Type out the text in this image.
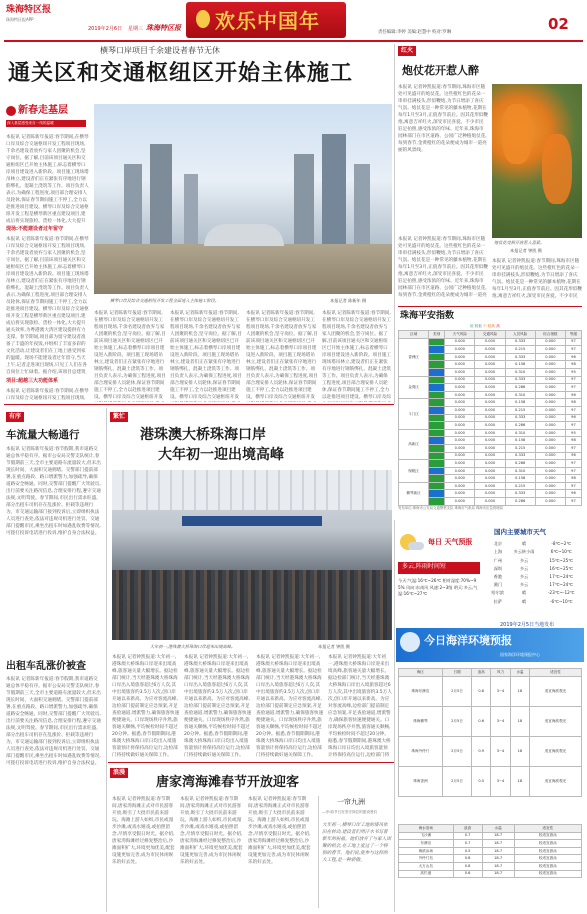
珠海特区报
珠海特区报APP
2019年2月6日 星期三 珠海特区报 欢乐中国年	02
责任编辑:李婷 美编:赵慧中 校对:罗琳
横琴口岸项目千余建设者春节无休
通关区和交通枢纽区开始主体施工
新春走基层
深入基层感受来自一线的温暖
本报讯 记者陈新年报道:春节期间,在横琴口岸及综合交通枢纽开发工程项目现场,千余名建设者放弃与家人团聚的机会,坚守岗位。据了解,目前该项目通关区和交通枢纽区已开始主体施工,标志着横琴口岸项目建设进入新阶段。项目施工现场塔吊林立,建设者们正在紧张有序地进行钢筋绑扎、混凝土浇筑等工作。项目负责人表示,为确保工程进度,项目部合理安排人员轮休,保证春节期间施工不停工,全力以赴推进项目建设。横琴口岸及综合交通枢纽开发工程是横琴新区重点建设项目,建成后将实现旅检、货检一体化,大大提升
现场:不能建设者过年留守
本报讯 记者陈新年报道:春节期间,在横琴口岸及综合交通枢纽开发工程项目现场,千余名建设者放弃与家人团聚的机会,坚守岗位。据了解,目前该项目通关区和交通枢纽区已开始主体施工,标志着横琴口岸项目建设进入新阶段。项目施工现场塔吊林立,建设者们正在紧张有序地进行钢筋绑扎、混凝土浇筑等工作。项目负责人表示,为确保工程进度,项目部合理安排人员轮休,保证春节期间施工不停工,全力以赴推进项目建设。横琴口岸及综合交通枢纽开发工程是横琴新区重点建设项目,建成后将实现旅检、货检一体化,大大提升通关效率,为粤港澳大湾区建设提供有力支撑。春节期间,项目部为留守建设者准备了丰盛的年夜饭,并组织了丰富多彩的文化活动,让建设者们在工地上感受到家的温暖。现场不能建设者过年留守,当天上午,记者走进项目现场,只见工人们在各自岗位上忙碌着。据介绍,该项目总建筑
项目:超越三大功能体系
本报讯 记者陈新年报道:春节期间,在横琴口岸及综合交通枢纽开发工程项目现场,
横琴口岸及综合交通枢纽开发工程全面进入主体施工阶段。	本报记者 陈新年 摄
本报讯 记者陈新年报道:春节期间,在横琴口岸及综合交通枢纽开发工程项目现场,千余名建设者放弃与家人团聚的机会,坚守岗位。据了解,目前该项目通关区和交通枢纽区已开始主体施工,标志着横琴口岸项目建设进入新阶段。项目施工现场塔吊林立,建设者们正在紧张有序地进行钢筋绑扎、混凝土浇筑等工作。项目负责人表示,为确保工程进度,项目部合理安排人员轮休,保证春节期间施工不停工,全力以赴推进项目建设。横琴口岸及综合交通枢纽开发
本报讯 记者陈新年报道:春节期间,在横琴口岸及综合交通枢纽开发工程项目现场,千余名建设者放弃与家人团聚的机会,坚守岗位。据了解,目前该项目通关区和交通枢纽区已开始主体施工,标志着横琴口岸项目建设进入新阶段。项目施工现场塔吊林立,建设者们正在紧张有序地进行钢筋绑扎、混凝土浇筑等工作。项目负责人表示,为确保工程进度,项目部合理安排人员轮休,保证春节期间施工不停工,全力以赴推进项目建设。横琴口岸及综合交通枢纽开发
本报讯 记者陈新年报道:春节期间,在横琴口岸及综合交通枢纽开发工程项目现场,千余名建设者放弃与家人团聚的机会,坚守岗位。据了解,目前该项目通关区和交通枢纽区已开始主体施工,标志着横琴口岸项目建设进入新阶段。项目施工现场塔吊林立,建设者们正在紧张有序地进行钢筋绑扎、混凝土浇筑等工作。项目负责人表示,为确保工程进度,项目部合理安排人员轮休,保证春节期间施工不停工,全力以赴推进项目建设。横琴口岸及综合交通枢纽开发
本报讯 记者陈新年报道:春节期间,在横琴口岸及综合交通枢纽开发工程项目现场,千余名建设者放弃与家人团聚的机会,坚守岗位。据了解,目前该项目通关区和交通枢纽区已开始主体施工,标志着横琴口岸项目建设进入新阶段。项目施工现场塔吊林立,建设者们正在紧张有序地进行钢筋绑扎、混凝土浇筑等工作。项目负责人表示,为确保工程进度,项目部合理安排人员轮休,保证春节期间施工不停工,全力以赴推进项目建设。横琴口岸及综
红火
炮仗花开惹人醉
本报讯 记者钟凯报道:春节期间,珠海市区随处可见盛开的炮仗花。这些橙红色的花朵一串串挂满枝头,形似鞭炮,为节日增添了喜庆气氛。炮仗花是一种常见的藤本植物,花期在每年1月至3月,正值春节前后。因其花形似鞭炮,寓意吉祥红火,深受市民喜爱。不少市民驻足拍照,感受浓浓的年味。近年来,珠海市园林部门在市区道路、公园广泛种植炮仗花,每到春节,金黄橙红的花朵便成为城市一道亮丽的风景线。
炮仗花竞相开放惹人喜爱。
本报记者 钟凯 摄
本报讯 记者钟凯报道:春节期间,珠海市区随处可见盛开的炮仗花。这些橙红色的花朵一串串挂满枝头,形似鞭炮,为节日增添了喜庆气氛。炮仗花是一种常见的藤本植物,花期在每年1月至3月,正值春节前后。因其花形似鞭炮,寓意吉祥红火,深受市民喜爱。不少市民驻足拍照,感受浓浓的年味。近年来,珠海市园林部门在市区道路、公园广泛种植炮仗花,每到春节,金黄橙红的花朵便成为城市一道亮
本报讯 记者钟凯报道:春节期间,珠海市区随处可见盛开的炮仗花。这些橙红色的花朵一串串挂满枝头,形似鞭炮,为节日增添了喜庆气氛。炮仗花是一种常见的藤本植物,花期在每年1月至3月,正值春节前后。因其花形似鞭炮,寓意吉祥红火,深受市民喜爱。不少市民
珠海平安指数
低 较低 中 较高 高
区域	类别	天气风险	交通风险	人员风险	综合指数	等级
香洲区		0.000	0.000	0.333	0.000	97
		0.000	0.000	0.215	0.000	97
		0.000	0.000	0.333	0.000	96
		0.000	0.000	0.158	0.000	98
		0.000	0.000	0.310	0.000	95
金湾区		0.000	0.000	0.333	0.000	97
		0.000	0.000	0.286	0.000	97
		0.000	0.000	0.310	0.000	96
斗门区		0.000	0.000	0.158	0.000	98
		0.000	0.000	0.215	0.000	97
		0.000	0.000	0.333	0.000	96
		0.000	0.000	0.286	0.000	97
高新区		0.000	0.000	0.310	0.000	95
		0.000	0.000	0.158	0.000	98
		0.000	0.000	0.215	0.000	97
		0.000	0.000	0.333	0.000	96
保税区		0.000	0.000	0.286	0.000	97
		0.000	0.000	0.310	0.000	97
		0.000	0.000	0.158	0.000	98
横琴新区		0.000	0.000	0.215	0.000	97
		0.000	0.000	0.333	0.000	96
		0.000	0.000	0.286	0.000	97
发布单位:珠海市公安局交通警察支队 珠海市气象局 珠海市应急管理局
有序
车流量大畅通行
本报讯 记者陈新年报道:春节假期,我市道路交通总体平稳有序。据市公安局交警支队统计,春节假期前三天,全市主要道路车流量较大,但未出现长时间、大面积交通拥堵。交警部门提前部署,在重点路段、路口增派警力,加强疏导,确保道路安全畅通。同时,交警部门提醒广大驾驶员,出行前要关注路况信息,合理安排行程,遵守交通法规,文明驾驶。春节期间,市民出行需求旺盛,部分出租车司机存在乱涨价、拒载等违规行为。市交通运输部门接到投诉后,立即组织执法人员进行查处,依法对违规司机进行处罚。交通部门提醒市民,乘坐出租车时如遇乱收费等情况,可拨打投诉电话进行投诉,维护自身合法权益。
出租车乱涨价被查
本报讯 记者陈新年报道:春节假期,我市道路交通总体平稳有序。据市公安局交警支队统计,春节假期前三天,全市主要道路车流量较大,但未出现长时间、大面积交通拥堵。交警部门提前部署,在重点路段、路口增派警力,加强疏导,确保道路安全畅通。同时,交警部门提醒广大驾驶员,出行前要关注路况信息,合理安排行程,遵守交通法规,文明驾驶。春节期间,市民出行需求旺盛,部分出租车司机存在乱涨价、拒载等违规行为。市交通运输部门接到投诉后,立即组织执法人员进行查处,依法对违规司机进行处罚。交通部门提醒市民,乘坐出租车时如遇乱收费等情况,可拨打投诉电话进行投诉,维护自身合法权益。
繁忙
港珠澳大桥珠海口岸
大年初一迎出境高峰
大年初一,港珠澳大桥珠海口岸迎来出境高峰。	本报记者 钟凯 摄
本报讯 记者钟凯报道:大年初一,港珠澳大桥珠海口岸迎来出境高峰,旅客通关量大幅增长。据边检部门统计,当天经港珠澳大桥珠海口岸出入境旅客超过6万人次,其中出境旅客约3.5万人次,创口岸开通以来新高。为应对客流高峰,边检部门提前制定应急预案,开足查验通道,增派警力,确保旅客快速便捷通关。口岸现场秩序井然,旅客通关顺畅,平均候检时间不超过20分钟。据悉,春节假期期间,港珠澳大桥珠海口岸日均出入境旅客量预计将保持高位运行,边检部门将持续做好通关保障工作。
本报讯 记者钟凯报道:大年初一,港珠澳大桥珠海口岸迎来出境高峰,旅客通关量大幅增长。据边检部门统计,当天经港珠澳大桥珠海口岸出入境旅客超过6万人次,其中出境旅客约3.5万人次,创口岸开通以来新高。为应对客流高峰,边检部门提前制定应急预案,开足查验通道,增派警力,确保旅客快速便捷通关。口岸现场秩序井然,旅客通关顺畅,平均候检时间不超过20分钟。据悉,春节假期期间,港珠澳大桥珠海口岸日均出入境旅客量预计将保持高位运行,边检部门将持续做好通关保障工作。
本报讯 记者钟凯报道:大年初一,港珠澳大桥珠海口岸迎来出境高峰,旅客通关量大幅增长。据边检部门统计,当天经港珠澳大桥珠海口岸出入境旅客超过6万人次,其中出境旅客约3.5万人次,创口岸开通以来新高。为应对客流高峰,边检部门提前制定应急预案,开足查验通道,增派警力,确保旅客快速便捷通关。口岸现场秩序井然,旅客通关顺畅,平均候检时间不超过20分钟。据悉,春节假期期间,港珠澳大桥珠海口岸日均出入境旅客量预计将保持高位运行,边检部门将持续做好通关保障工作。
本报讯 记者钟凯报道:大年初一,港珠澳大桥珠海口岸迎来出境高峰,旅客通关量大幅增长。据边检部门统计,当天经港珠澳大桥珠海口岸出入境旅客超过6万人次,其中出境旅客约3.5万人次,创口岸开通以来新高。为应对客流高峰,边检部门提前制定应急预案,开足查验通道,增派警力,确保旅客快速便捷通关。口岸现场秩序井然,旅客通关顺畅,平均候检时间不超过20分钟。据悉,春节假期期间,港珠澳大桥珠海口岸日均出入境旅客量预计将保持高位运行,边检部门将
浪漫
唐家湾海滩春节开放迎客
本报讯 记者钟凯报道:春节期间,唐家湾海滩正式对市民游客开放,吸引了大批市民前来游玩。海滩上游人如织,市民或漫步沙滩,或戏水嬉戏,或拍照留念,尽情享受假日时光。据介绍,唐家湾海滩经过修复整治后,沙滩面积扩大,环境更加优美,配套设施更加完善,成为市民休闲娱乐的好去处。
本报讯 记者钟凯报道:春节期间,唐家湾海滩正式对市民游客开放,吸引了大批市民前来游玩。海滩上游人如织,市民或漫步沙滩,或戏水嬉戏,或拍照留念,尽情享受假日时光。据介绍,唐家湾海滩经过修复整治后,沙滩面积扩大,环境更加优美,配套设施更加完善,成为市民休闲娱乐的好去处。
本报讯 记者钟凯报道:春节期间,唐家湾海滩正式对市民游客开放,吸引了大批市民前来游玩。海滩上游人如织,市民或漫步沙滩,或戏水嬉戏,或拍照留念,尽情享受假日时光。据介绍,唐家湾海滩经过修复整治后,沙滩面积扩大,环境更加优美,配套设施更加完善,成为市民休闲娱乐的好去处。
一帘九洲
—序:给节日在坚守岗位的建设者们
大年初一,横琴口岸工地的塔吊依旧在转动,建设者们用汗水书写着新年的祝福。他们放弃了与家人团聚的机会,在工地上度过了一个特别的春节。他们说,能参与这样的大工程,是一种骄傲。
每日 天气预报
多云,阵雨时间短
今天:气温:16℃~26℃ 相对湿度:70%~95% 风向:东南风 风速:2~3级 明天:多云,气温:16℃~27℃
国内主要城市天气
北京	晴	-8℃~2℃
上海	多云转小雨	6℃~10℃
广州	多云	15℃~25℃
深圳	多云	16℃~25℃
香港	多云	17℃~24℃
澳门	多云	17℃~24℃
哈尔滨	晴	-23℃~-12℃
拉萨	晴	-6℃~10℃
今日海洋环境预报
2019年2月5日当地发布
国家海洋环境预报中心
海区	日期	浪高	风力	水温	适宜性
珠海东澳岛	2月5日	0.8	3~4	18	适宜海滨观光
珠海横琴	2月5日	0.6	3~4	18	适宜海滨观光
珠海外伶仃	2月5日	0.9	3~4	18	适宜海滨观光
珠海香洲	2月5日	0.5	3~4	18	适宜海滨观光
海水浴场	浪高	水温	适宜性
飞沙滩	0.7	18.7	较适宜游泳
东澳岛	0.7	18.7	较适宜游泳
海滨泳场	0.5	18.7	较适宜游泳
外伶仃岛	0.8	18.7	较适宜游泳
大万山岛	0.8	18.7	较适宜游泳
高栏港	0.6	18.7	较适宜游泳
